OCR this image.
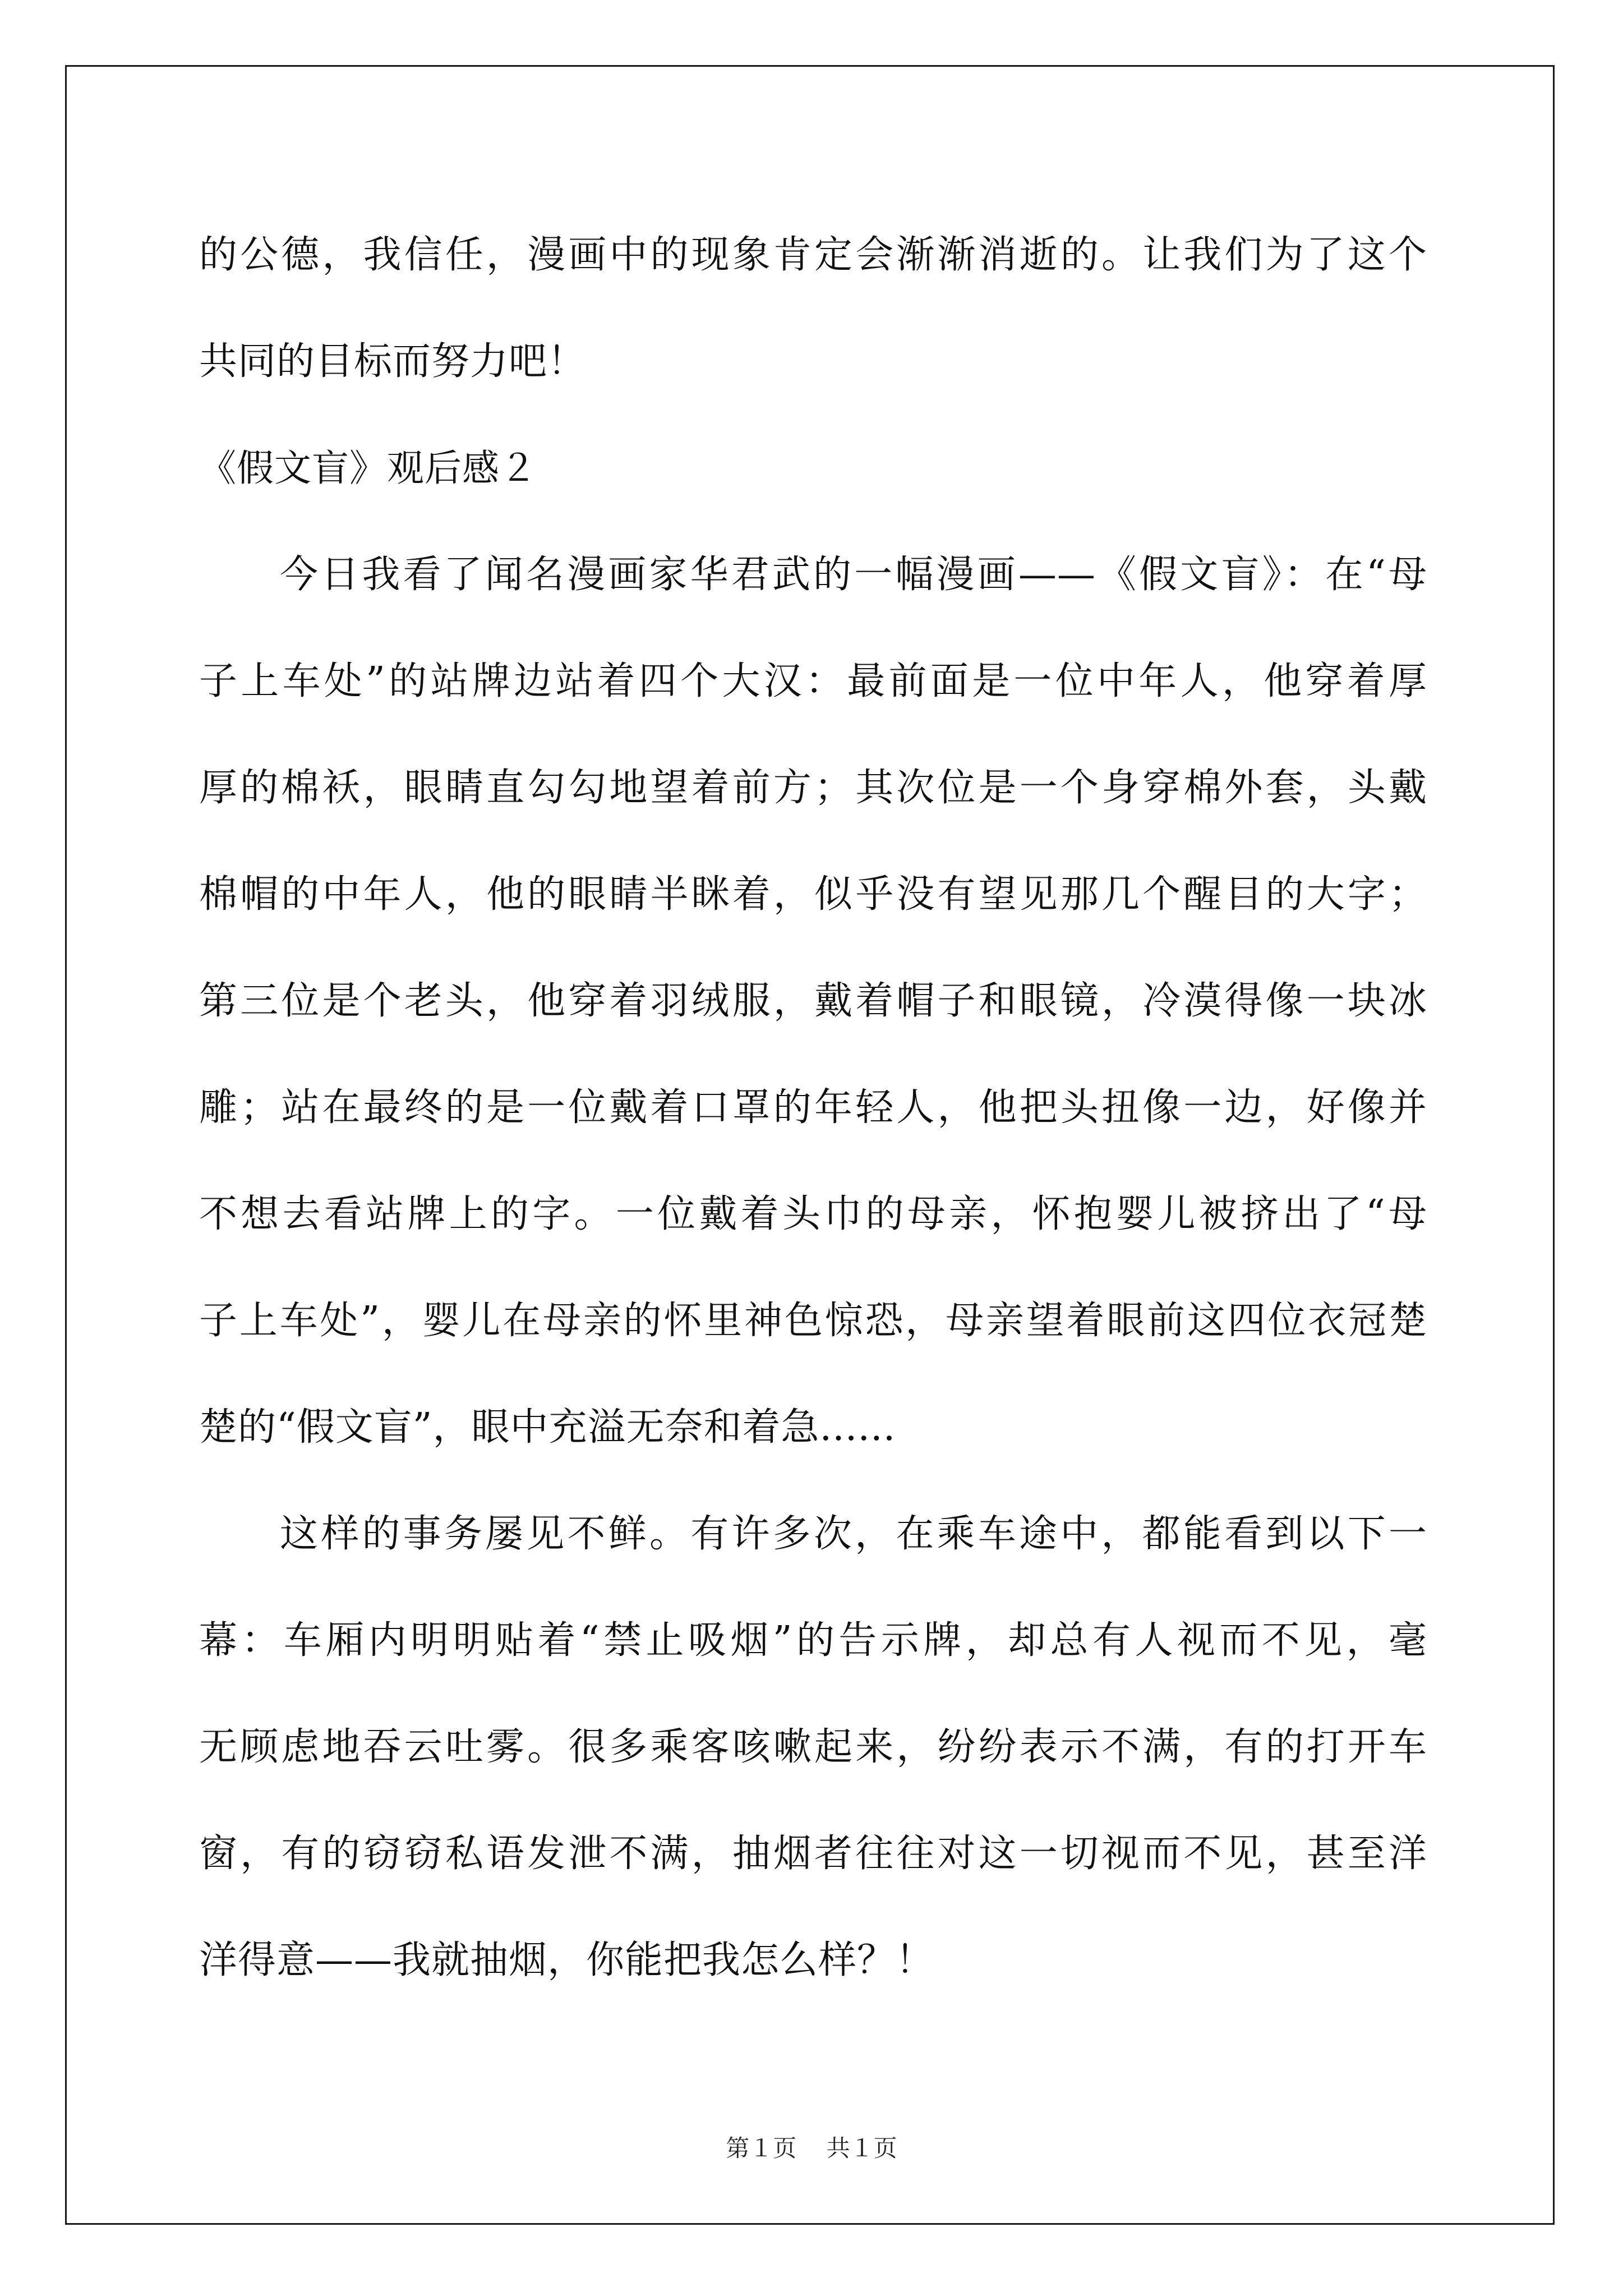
的公德，我信任，漫画中的现象肯定会渐渐消逝的。让我们为了这个
共同的目标而努力吧！
《假文盲》观后感２
今日我看了闻名漫画家华君武的一幅漫画——《假文盲》：在“母
子上车处”的站牌边站着四个大汉：最前面是一位中年人，他穿着厚
厚的棉袄，眼睛直勾勾地望着前方；其次位是一个身穿棉外套，头戴
棉帽的中年人，他的眼睛半眯着，似乎没有望见那几个醒目的大字；
第三位是个老头，他穿着羽绒服，戴着帽子和眼镜，冷漠得像一块冰
雕；站在最终的是一位戴着口罩的年轻人，他把头扭像一边，好像并
不想去看站牌上的字。一位戴着头巾的母亲，怀抱婴儿被挤出了“母
子上车处”，婴儿在母亲的怀里神色惊恐，母亲望着眼前这四位衣冠楚
楚的“假文盲”，眼中充溢无奈和着急......
这样的事务屡见不鲜。有许多次，在乘车途中，都能看到以下一
幕：车厢内明明贴着“禁止吸烟”的告示牌，却总有人视而不见，毫
无顾虑地吞云吐雾。很多乘客咳嗽起来，纷纷表示不满，有的打开车
窗，有的窃窃私语发泄不满，抽烟者往往对这一切视而不见，甚至洋
洋得意——我就抽烟，你能把我怎么样？！
第１页 共１页
